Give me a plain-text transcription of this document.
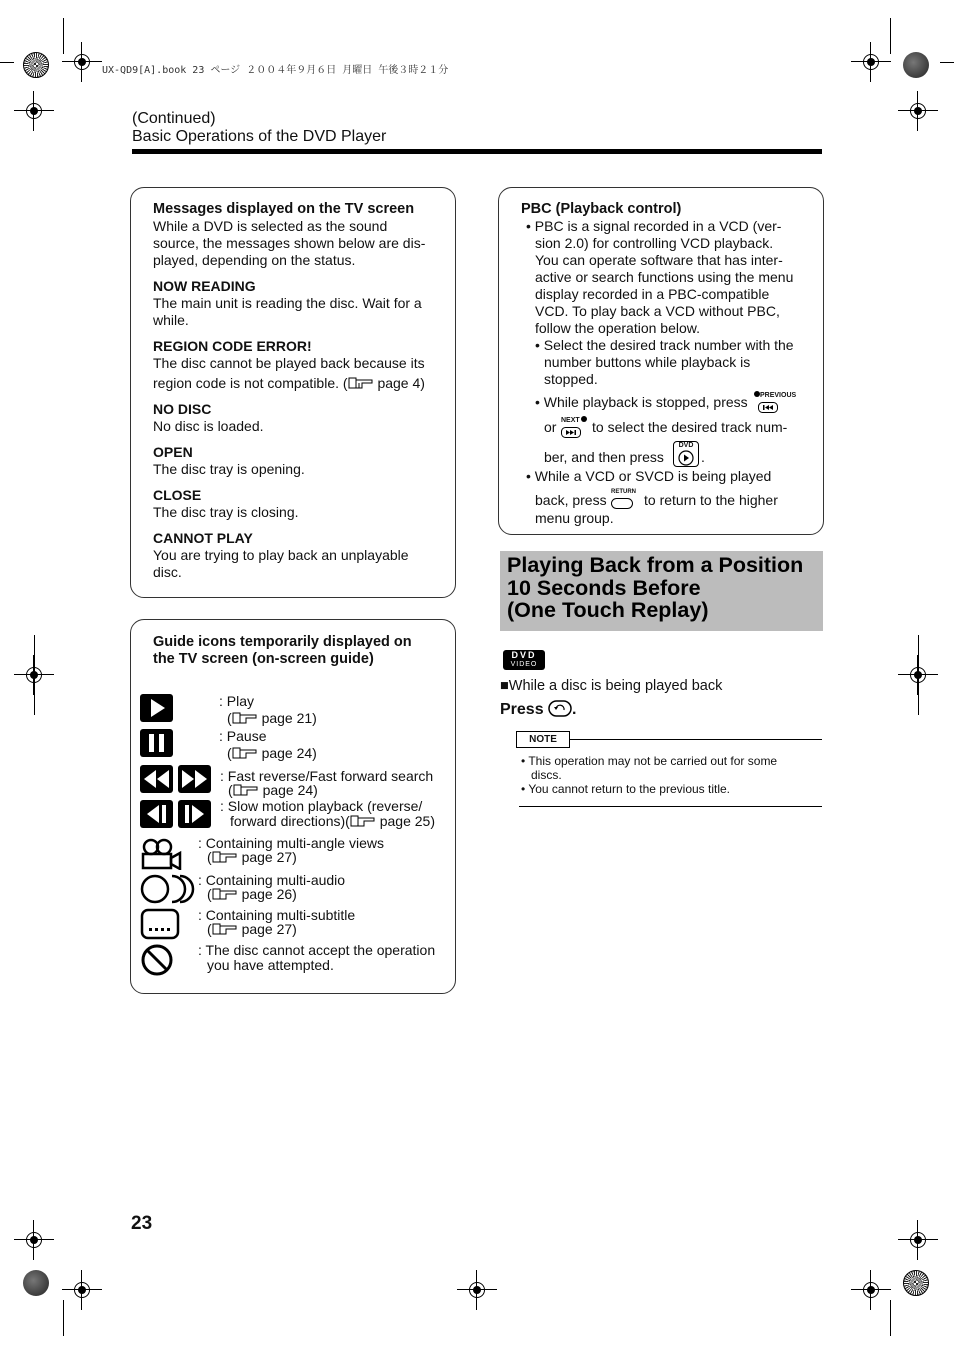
UX-QD9[A].book 23 ページ ２００４年９月６日 月曜日 午後３時２１分
(Continued)
Basic Operations of the DVD Player
Messages displayed on the TV screen
While a DVD is selected as the sound
source, the messages shown below are dis-
played, depending on the status.
NOW READING
The main unit is reading the disc. Wait for a
while.
REGION CODE ERROR!
The disc cannot be played back because its
region code is not compatible. ( page 4)
NO DISC
No disc is loaded.
OPEN
The disc tray is opening.
CLOSE
The disc tray is closing.
CANNOT PLAY
You are trying to play back an unplayable
disc.
Guide icons temporarily displayed on
the TV screen (on-screen guide)
: Play
( page 21)
: Pause
( page 24)
: Fast reverse/Fast forward search
( page 24)
: Slow motion playback (reverse/
forward directions)( page 25)
: Containing multi-angle views
( page 27)
: Containing multi-audio
( page 26)
: Containing multi-subtitle
( page 27)
: The disc cannot accept the operation
you have attempted.
PBC (Playback control)
• PBC is a signal recorded in a VCD (ver-
sion 2.0) for controlling VCD playback.
You can operate software that has inter-
active or search functions using the menu
display recorded in a PBC-compatible
VCD. To play back a VCD without PBC,
follow the operation below.
• Select the desired track number with the
number buttons while playback is
stopped.
• While playback is stopped, press	PREVIOUS
or NEXT to select the desired track num-
ber, and then press
DVD
.
• While a VCD or SVCD is being played
back, press RETURN to return to the higher
menu group.
Playing Back from a Position
10 Seconds Before
(One Touch Replay)
DVD
VIDEO
■While a disc is being played back
Press .
NOTE
• This operation may not be carried out for some
discs.
• You cannot return to the previous title.
23
